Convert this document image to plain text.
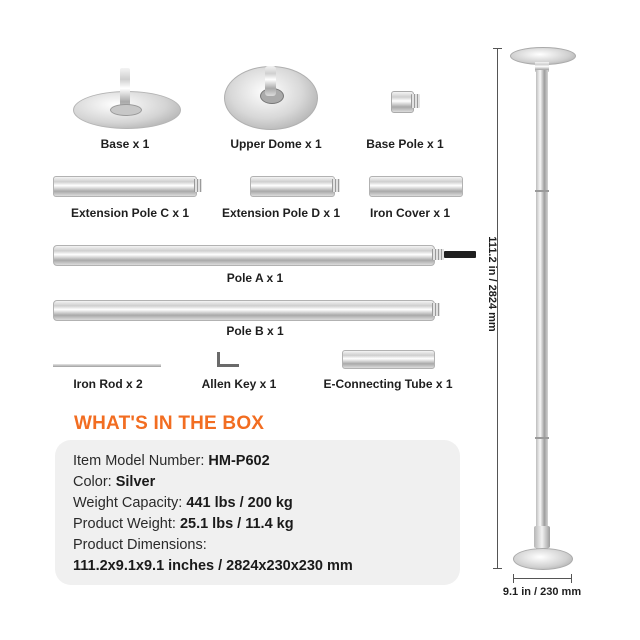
Base x 1	Upper Dome x 1	Base Pole x 1
Extension Pole C x 1	Extension Pole D x 1	Iron Cover x 1
Pole A x 1
Pole B x 1
Iron Rod x 2	Allen Key x 1	E-Connecting Tube x 1
WHAT'S IN THE BOX
Item Model Number: HM-P602
Color: Silver
Weight Capacity: 441 lbs / 200 kg
Product Weight: 25.1 lbs / 11.4 kg
Product Dimensions:
111.2x9.1x9.1 inches / 2824x230x230 mm
111.2 in / 2824 mm
9.1 in / 230 mm
